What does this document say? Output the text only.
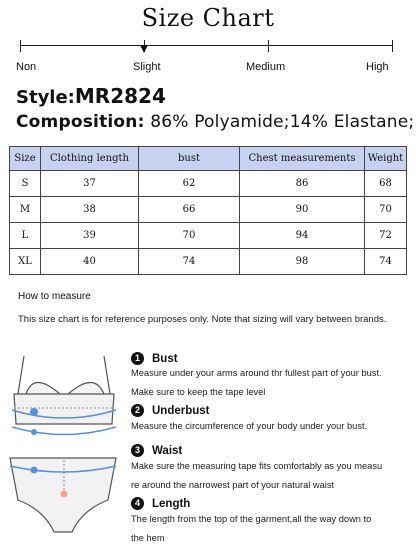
Size Chart
Non	Slight	Medium	High
Style:MR2824
Composition: 86% Polyamide;14% Elastane;
Size	Clothing length	bust	Chest measurements	Weight
S	37	62	86	68
M	38	66	90	70
L	39	70	94	72
XL	40	74	98	74
How to measure
This size chart is for reference purposes only. Note that sizing will vary between brands.
1 Bust
Measure under your arms around thr fullest part of your bust.
Make sure to keep the tape level
2 Underbust
Measure the circumference of your body under your bust.
3 Waist
Make sure the measuring tape fits comfortably as you measu
re around the narrowest part of your natural waist
4 Length
The length from the top of the garment,all the way down to
the hem
